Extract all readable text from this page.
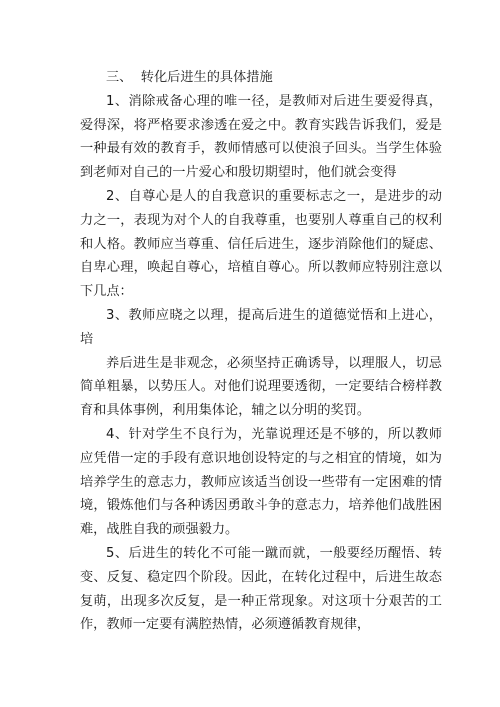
三、  转化后进生的具体措施

1、消除戒备心理的唯一径，是教师对后进生要爱得真，爱得深，将严格要求渗透在爱之中。教育实践告诉我们，爱是一种最有效的教育手，教师情感可以使浪子回头。当学生体验到老师对自己的一片爱心和殷切期望时，他们就会变得

2、自尊心是人的自我意识的重要标志之一，是进步的动力之一，表现为对个人的自我尊重，也要别人尊重自己的权利和人格。教师应当尊重、信任后进生，逐步消除他们的疑虑、自卑心理，唤起自尊心，培植自尊心。所以教师应特别注意以下几点：

3、教师应晓之以理，提高后进生的道德觉悟和上进心，培

养后进生是非观念，必须坚持正确诱导，以理服人，切忌简单粗暴，以势压人。对他们说理要透彻，一定要结合榜样教育和具体事例，利用集体论，辅之以分明的奖罚。

4、针对学生不良行为，光靠说理还是不够的，所以教师应凭借一定的手段有意识地创设特定的与之相宜的情境，如为培养学生的意志力，教师应该适当创设一些带有一定困难的情境，锻炼他们与各种诱因勇敢斗争的意志力，培养他们战胜困难，战胜自我的顽强毅力。

5、后进生的转化不可能一蹴而就，一般要经历醒悟、转变、反复、稳定四个阶段。因此，在转化过程中，后进生故态复萌，出现多次反复，是一种正常现象。对这项十分艰苦的工作，教师一定要有满腔热情，必须遵循教育规律，
